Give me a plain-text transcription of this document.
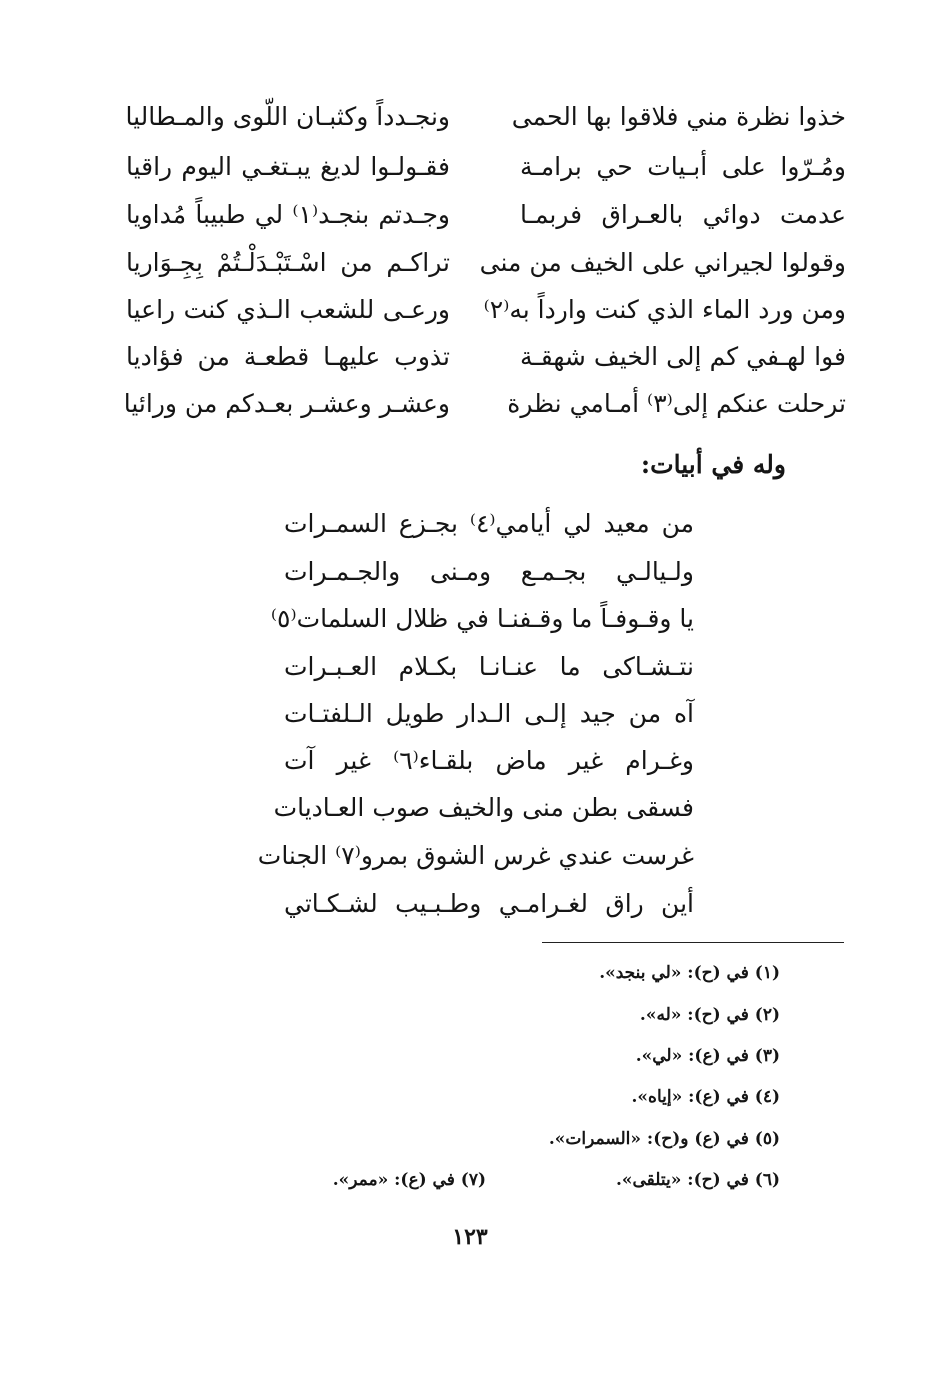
خذوا نظرة مني فلاقوا بها الحمى
ونجـدداً وكثبـان اللّوى والمـطاليا
ومُـرّوا على أبـيات حي برامـة
فقـولـوا لديغ يبـتغـي اليوم راقيا
عدمت دوائي بالعـراق فربمـا
وجـدتم بنجـد⁽١⁾ لي طبيباً مُداويا
وقولوا لجيراني على الخيف من منى
تراكـم من اسْـتَبْـدَلْـتُمْ بِجِـوَاريا
ومن ورد الماء الذي كنت وارداً به⁽٢⁾
ورعـى للشعب الـذي كنت راعيا
فوا لهـفي كم إلى الخيف شهقـة
تذوب عليهـا قطعـة من فؤاديا
ترحلت عنكم إلى⁽٣⁾ أمـامي نظرة
وعشـر وعشـر بعـدكم من ورائيا
وله في أبيات:
من معيد لي أيامي⁽٤⁾ بجـزع السمـرات
ولـيالـي بجـمـع ومـنى والجـمـرات
يا وقـوفـاً ما وقـفنـا في ظلال السلمات⁽٥⁾
نتـشـاكى ما عنـانـا بكـلام العـبـرات
آه من جيد إلـى الـدار طويل الـلفتـات
وغـرام غير ماض بلقـاء⁽٦⁾ غير آت
فسقى بطن منى والخيف صوب العـاديات
غرست عندي غرس الشوق بمرو⁽٧⁾ الجنات
أين راق لغـرامـي وطـبـيب لشـكـاتي
(١) في (ح): «لي بنجد».
(٢) في (ح): «له».
(٣) في (ع): «لي».
(٤) في (ع): «إياه».
(٥) في (ع) و(ح): «السمرات».
(٦) في (ح): «يتلقى».
(٧) في (ع): «ممر».
١٢٣
